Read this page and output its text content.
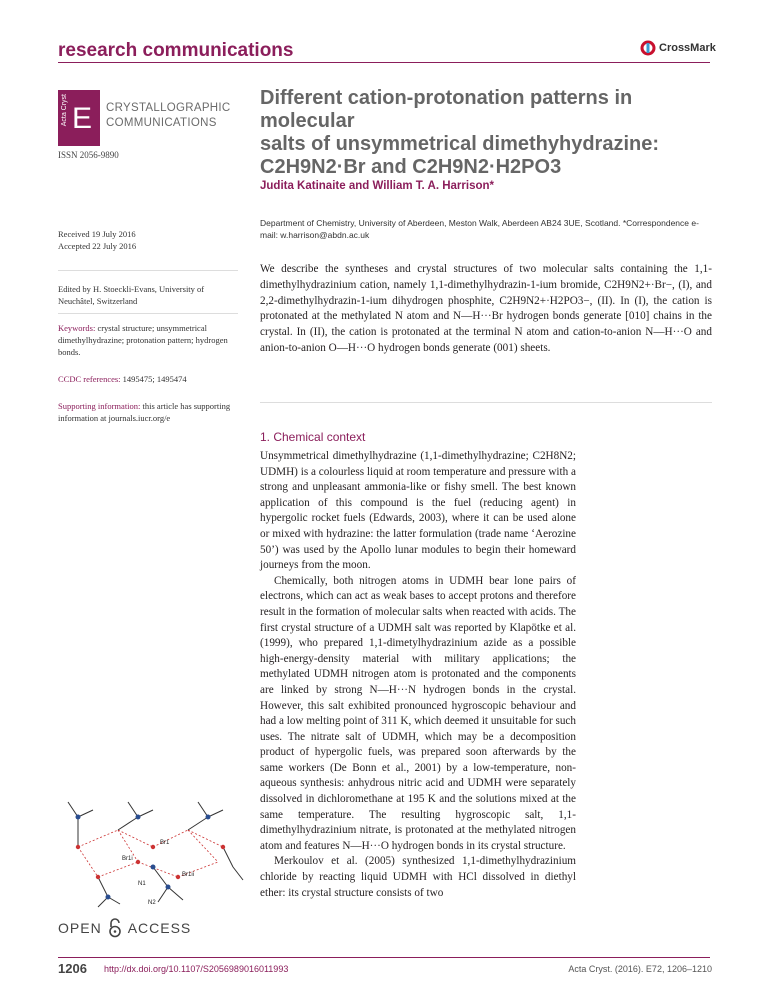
research communications	CrossMark
Acta Cryst E CRYSTALLOGRAPHIC
COMMUNICATIONS
ISSN 2056-9890
Different cation-protonation patterns in molecular
salts of unsymmetrical dimethyhydrazine:
C2H9N2·Br and C2H9N2·H2PO3
Judita Katinaite and William T. A. Harrison*
Department of Chemistry, University of Aberdeen, Meston Walk, Aberdeen AB24 3UE, Scotland. *Correspondence e-mail: w.harrison@abdn.ac.uk
Received 19 July 2016
Accepted 22 July 2016
Edited by H. Stoeckli-Evans, University of Neuchâtel, Switzerland
Keywords: crystal structure; unsymmetrical dimethylhydrazine; protonation pattern; hydrogen bonds.
CCDC references: 1495475; 1495474
Supporting information: this article has supporting information at journals.iucr.org/e
We describe the syntheses and crystal structures of two molecular salts containing the 1,1-dimethylhydrazinium cation, namely 1,1-dimethylhydrazin-1-ium bromide, C2H9N2+·Br−, (I), and 2,2-dimethylhydrazin-1-ium dihydrogen phosphite, C2H9N2+·H2PO3−, (II). In (I), the cation is protonated at the methylated N atom and N—H···Br hydrogen bonds generate [010] chains in the crystal. In (II), the cation is protonated at the terminal N atom and cation-to-anion N—H···O and anion-to-anion O—H···O hydrogen bonds generate (001) sheets.
1. Chemical context

Unsymmetrical dimethylhydrazine (1,1-dimethylhydrazine; C2H8N2; UDMH) is a colourless liquid at room temperature and pressure with a strong and unpleasant ammonia-like or fishy smell. The best known application of this compound is the fuel (reducing agent) in hypergolic rocket fuels (Edwards, 2003), where it can be used alone or mixed with hydrazine: the latter formulation (trade name ‘Aerozine 50’) was used by the Apollo lunar modules to begin their homeward journeys from the moon.

Chemically, both nitrogen atoms in UDMH bear lone pairs of electrons, which can act as weak bases to accept protons and therefore result in the formation of molecular salts when reacted with acids. The first crystal structure of a UDMH salt was reported by Klapötke et al. (1999), who prepared 1,1-dimetylhydrazinium azide as a possible high-energy-density material with military applications; the methylated UDMH nitrogen atom is protonated and the components are linked by strong N—H···N hydrogen bonds in the crystal. However, this salt exhibited pronounced hygroscopic behaviour and had a low melting point of 311 K, which deemed it unsuitable for such uses. The nitrate salt of UDMH, which may be a decomposition product of hypergolic fuels, was prepared soon afterwards by the same workers (De Bonn et al., 2001) by a low-temperature, non-aqueous synthesis: anhydrous nitric acid and UDMH were separately dissolved in dichloromethane at 195 K and the solutions mixed at the same temperature. The resulting hygroscopic salt, 1,1-dimethylhydrazinium nitrate, is protonated at the methylated nitrogen atom and features N—H···O hydrogen bonds in its crystal structure.

Merkoulov et al. (2005) synthesized 1,1-dimethylhydrazinium chloride by reacting liquid UDMH with HCl dissolved in diethyl ether: its crystal structure consists of two

Br1
Br1i
Br1ii
N1
N2
OPEN ACCESS
1206 http://dx.doi.org/10.1107/S2056989016011993	Acta Cryst. (2016). E72, 1206–1210
